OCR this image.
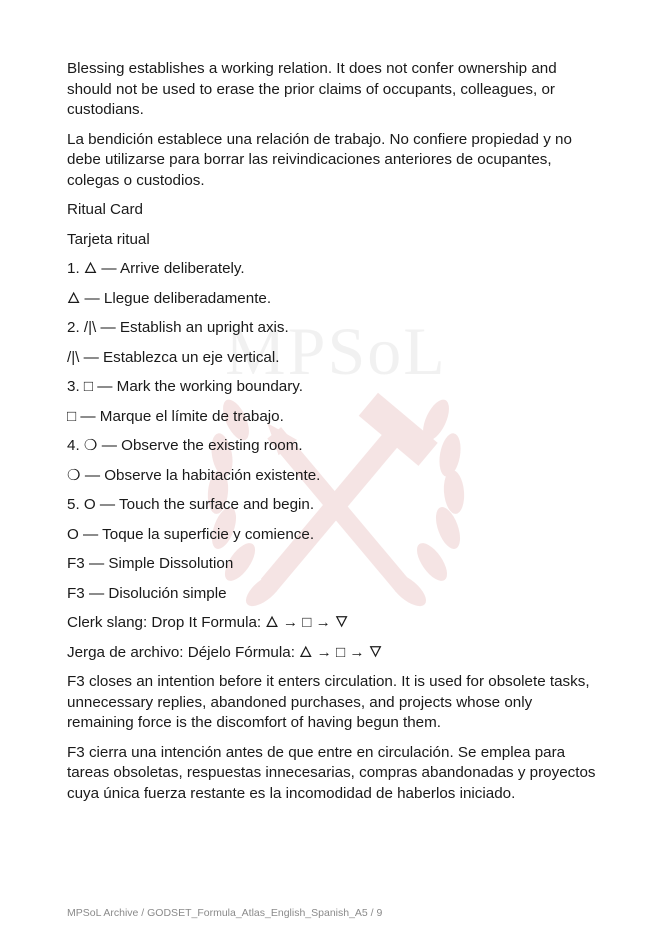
MPSoL

Blessing establishes a working relation. It does not confer ownership and should not be used to erase the prior claims of occupants, colleagues, or custodians.

La bendición establece una relación de trabajo. No confiere propiedad y no debe utilizarse para borrar las reivindicaciones anteriores de ocupantes, colegas o custodios.

Ritual Card

Tarjeta ritual

1. 🜂 — Arrive deliberately.

🜂 — Llegue deliberadamente.

2. /|\ — Establish an upright axis.

/|\ — Establezca un eje vertical.

3. □ — Mark the working boundary.

□ — Marque el límite de trabajo.

4. ❍ — Observe the existing room.

❍ — Observe la habitación existente.

5. O — Touch the surface and begin.

O — Toque la superficie y comience.

F3 — Simple Dissolution

F3 — Disolución simple

Clerk slang: Drop It Formula: 🜂 → □ → 🜄

Jerga de archivo: Déjelo Fórmula: 🜂 → □ → 🜄

F3 closes an intention before it enters circulation. It is used for obsolete tasks, unnecessary replies, abandoned purchases, and projects whose only remaining force is the discomfort of having begun them.

F3 cierra una intención antes de que entre en circulación. Se emplea para tareas obsoletas, respuestas innecesarias, compras abandonadas y proyectos cuya única fuerza restante es la incomodidad de haberlos iniciado.

MPSoL Archive / GODSET_Formula_Atlas_English_Spanish_A5 / 9
